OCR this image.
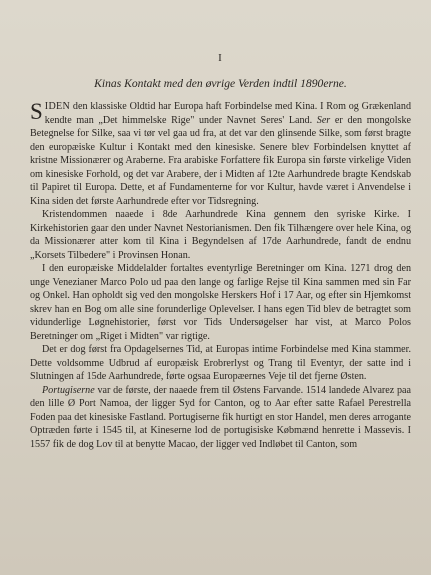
I
Kinas Kontakt med den øvrige Verden indtil 1890erne.

SIDEN den klassiske Oldtid har Europa haft Forbindelse med Kina. I Rom og Grækenland kendte man „Det himmelske Rige" under Navnet Seres' Land. Ser er den mongolske Betegnelse for Silke, saa vi tør vel gaa ud fra, at det var den glinsende Silke, som først bragte den europæiske Kultur i Kontakt med den kinesiske. Senere blev Forbindelsen knyttet af kristne Missionærer og Araberne. Fra arabiske Forfattere fik Europa sin første virkelige Viden om kinesiske Forhold, og det var Arabere, der i Midten af 12te Aarhundrede bragte Kendskab til Papiret til Europa. Dette, et af Fundamenterne for vor Kultur, havde været i Anvendelse i Kina siden det første Aarhundrede efter vor Tidsregning.

Kristendommen naaede i 8de Aarhundrede Kina gennem den syriske Kirke. I Kirkehistorien gaar den under Navnet Nestorianismen. Den fik Tilhængere over hele Kina, og da Missionærer atter kom til Kina i Begyndelsen af 17de Aarhundrede, fandt de endnu „Korsets Tilbedere" i Provinsen Honan.

I den europæiske Middelalder fortaltes eventyrlige Beretninger om Kina. 1271 drog den unge Venezianer Marco Polo ud paa den lange og farlige Rejse til Kina sammen med sin Far og Onkel. Han opholdt sig ved den mongolske Herskers Hof i 17 Aar, og efter sin Hjemkomst skrev han en Bog om alle sine forunderlige Oplevelser. I hans egen Tid blev de betragtet som vidunderlige Løgnehistorier, først vor Tids Undersøgelser har vist, at Marco Polos Beretninger om „Riget i Midten" var rigtige.

Det er dog først fra Opdagelsernes Tid, at Europas intime Forbindelse med Kina stammer. Dette voldsomme Udbrud af europæisk Erobrerlyst og Trang til Eventyr, der satte ind i Slutningen af 15de Aarhundrede, førte ogsaa Europæernes Veje til det fjerne Østen.

Portugiserne var de første, der naaede frem til Østens Farvande. 1514 landede Alvarez paa den lille Ø Port Namoa, der ligger Syd for Canton, og to Aar efter satte Rafael Perestrella Foden paa det kinesiske Fastland. Portugiserne fik hurtigt en stor Handel, men deres arrogante Optræden førte i 1545 til, at Kineserne lod de portugisiske Købmænd henrette i Massevis. I 1557 fik de dog Lov til at benytte Macao, der ligger ved Indløbet til Canton, som
